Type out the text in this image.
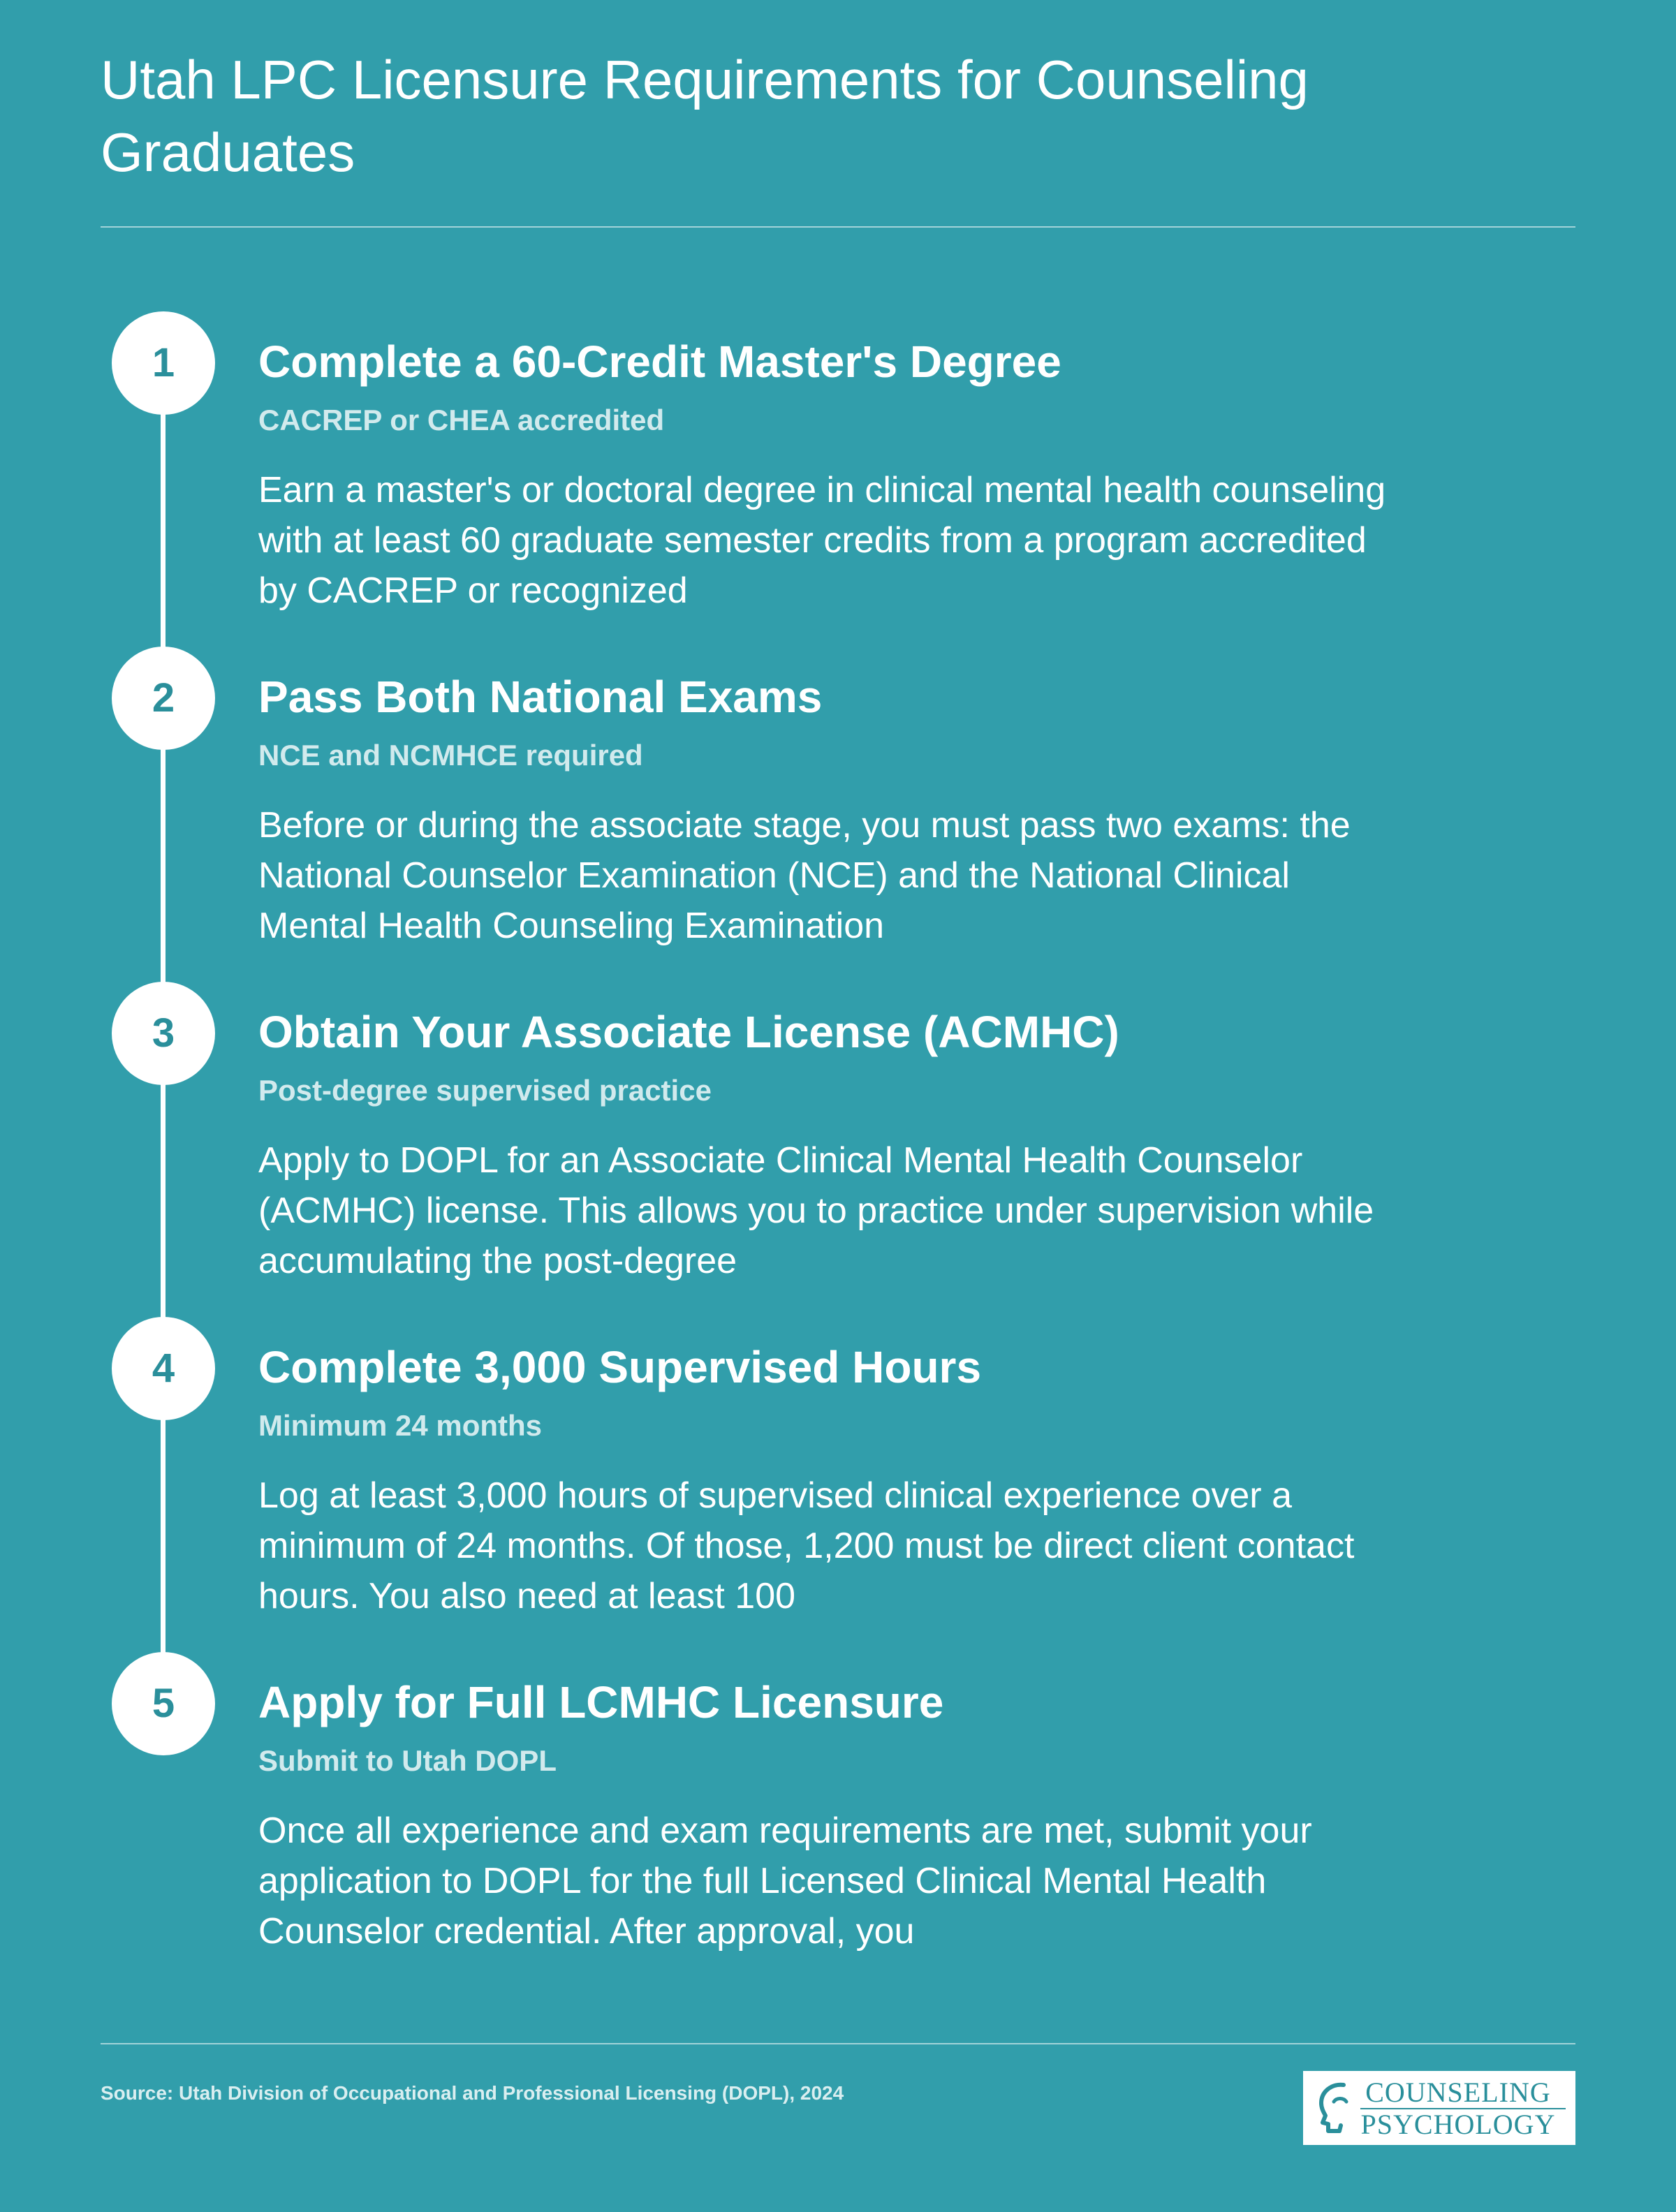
Utah LPC Licensure Requirements for Counseling Graduates
1	Complete a 60-Credit Master's Degree
CACREP or CHEA accredited

Earn a master's or doctoral degree in clinical mental health counseling with at least 60 graduate semester credits from a program accredited by CACREP or recognized

2	Pass Both National Exams
NCE and NCMHCE required

Before or during the associate stage, you must pass two exams: the National Counselor Examination (NCE) and the National Clinical Mental Health Counseling Examination

3	Obtain Your Associate License (ACMHC)
Post-degree supervised practice

Apply to DOPL for an Associate Clinical Mental Health Counselor (ACMHC) license. This allows you to practice under supervision while accumulating the post-degree

4	Complete 3,000 Supervised Hours
Minimum 24 months

Log at least 3,000 hours of supervised clinical experience over a minimum of 24 months. Of those, 1,200 must be direct client contact hours. You also need at least 100

5	Apply for Full LCMHC Licensure
Submit to Utah DOPL

Once all experience and exam requirements are met, submit your application to DOPL for the full Licensed Clinical Mental Health Counselor credential. After approval, you

Source: Utah Division of Occupational and Professional Licensing (DOPL), 2024	COUNSELING
PSYCHOLOGY
